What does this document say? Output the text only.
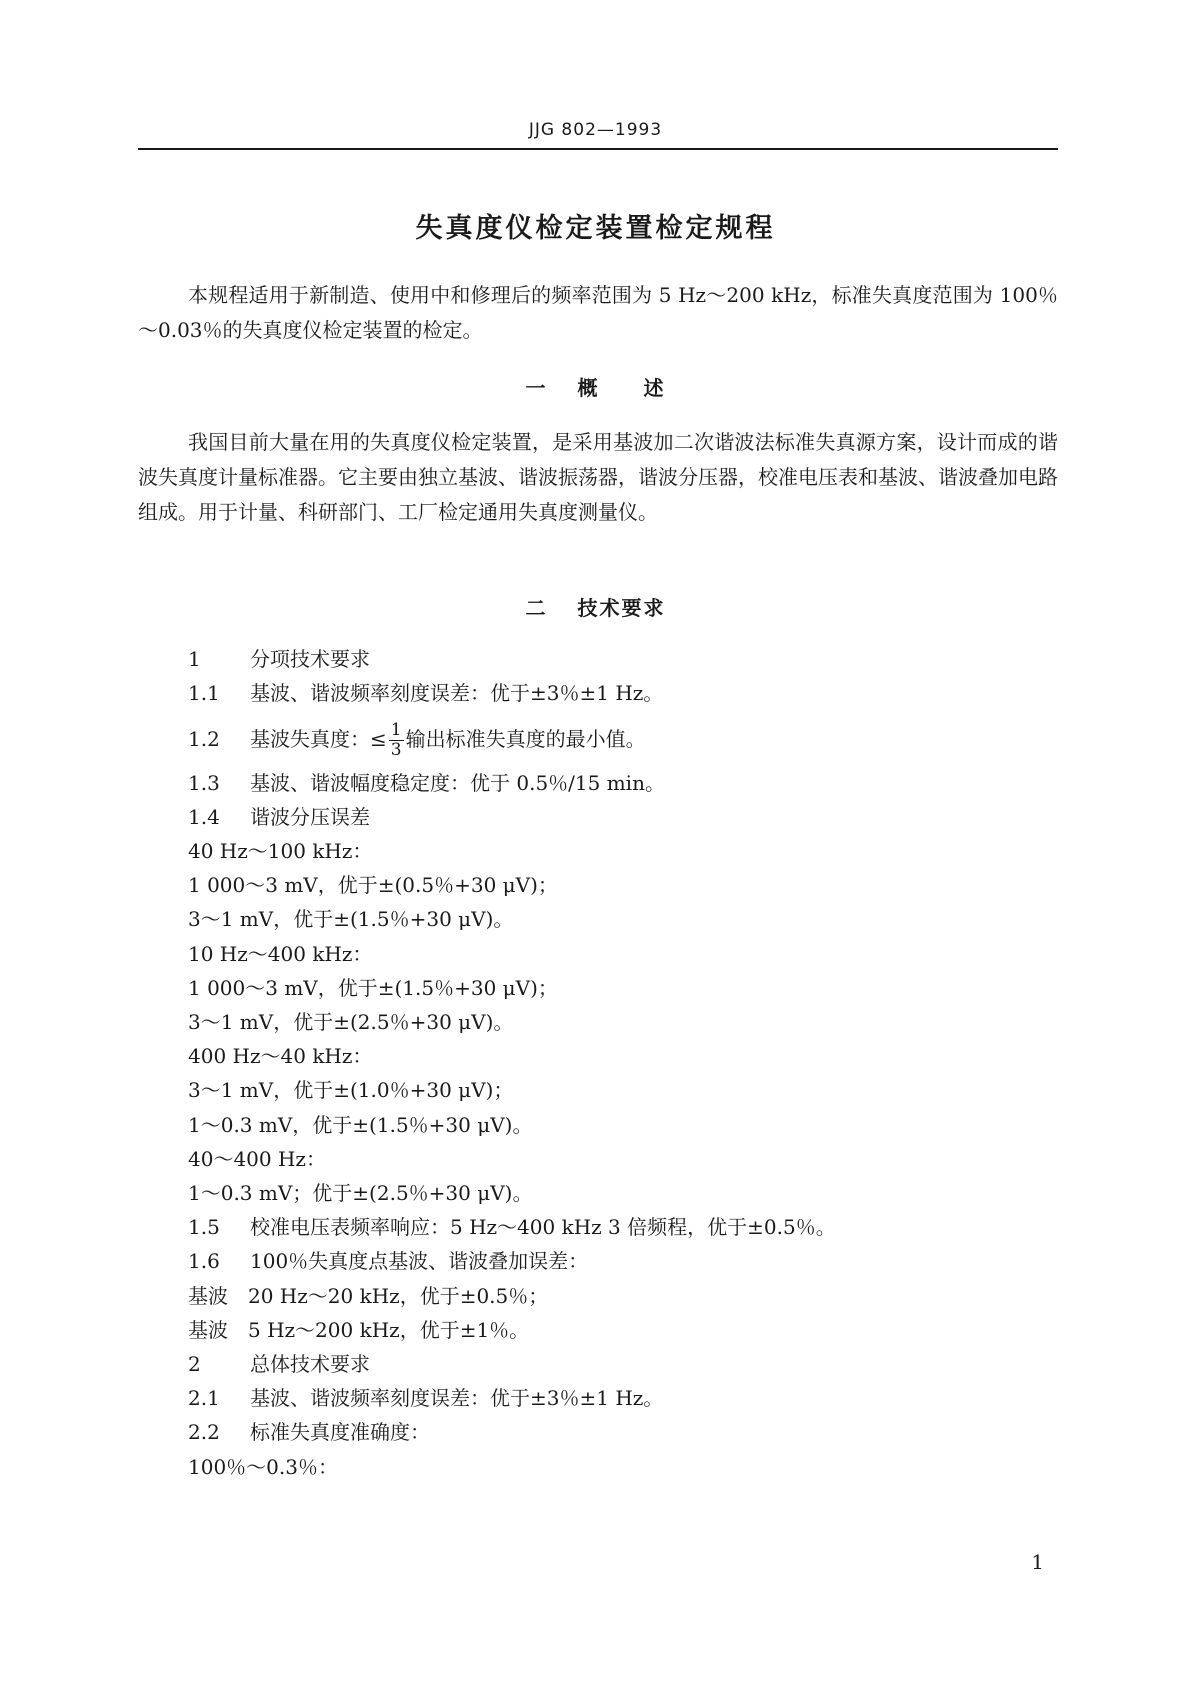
JJG 802—1993
失真度仪检定装置检定规程
本规程适用于新制造、使用中和修理后的频率范围为 5 Hz～200 kHz，标准失真度范围为 100％～0.03％的失真度仪检定装置的检定。
一 概　　述
我国目前大量在用的失真度仪检定装置，是采用基波加二次谐波法标准失真源方案，设计而成的谐波失真度计量标准器。它主要由独立基波、谐波振荡器，谐波分压器，校准电压表和基波、谐波叠加电路组成。用于计量、科研部门、工厂检定通用失真度测量仪。
二 技术要求
1 分项技术要求
1.1 基波、谐波频率刻度误差：优于±3％±1 Hz。
1.2 基波失真度：≤ $\frac{1}{3}$ 输出标准失真度的最小值。
1.3 基波、谐波幅度稳定度：优于 0.5％/15 min。
1.4 谐波分压误差
40 Hz～100 kHz：
1 000～3 mV，优于±(0.5％+30 μV)；
3～1 mV，优于±(1.5％+30 μV)。
10 Hz～400 kHz：
1 000～3 mV，优于±(1.5％+30 μV)；
3～1 mV，优于±(2.5％+30 μV)。
400 Hz～40 kHz：
3～1 mV，优于±(1.0％+30 μV)；
1～0.3 mV，优于±(1.5％+30 μV)。
40～400 Hz：
1～0.3 mV；优于±(2.5％+30 μV)。
1.5 校准电压表频率响应：5 Hz～400 kHz 3 倍频程，优于±0.5％。
1.6 100％失真度点基波、谐波叠加误差：
基波　20 Hz～20 kHz，优于±0.5％；
基波　5 Hz～200 kHz，优于±1％。
2 总体技术要求
2.1 基波、谐波频率刻度误差：优于±3％±1 Hz。
2.2 标准失真度准确度：
100％～0.3％：
1
